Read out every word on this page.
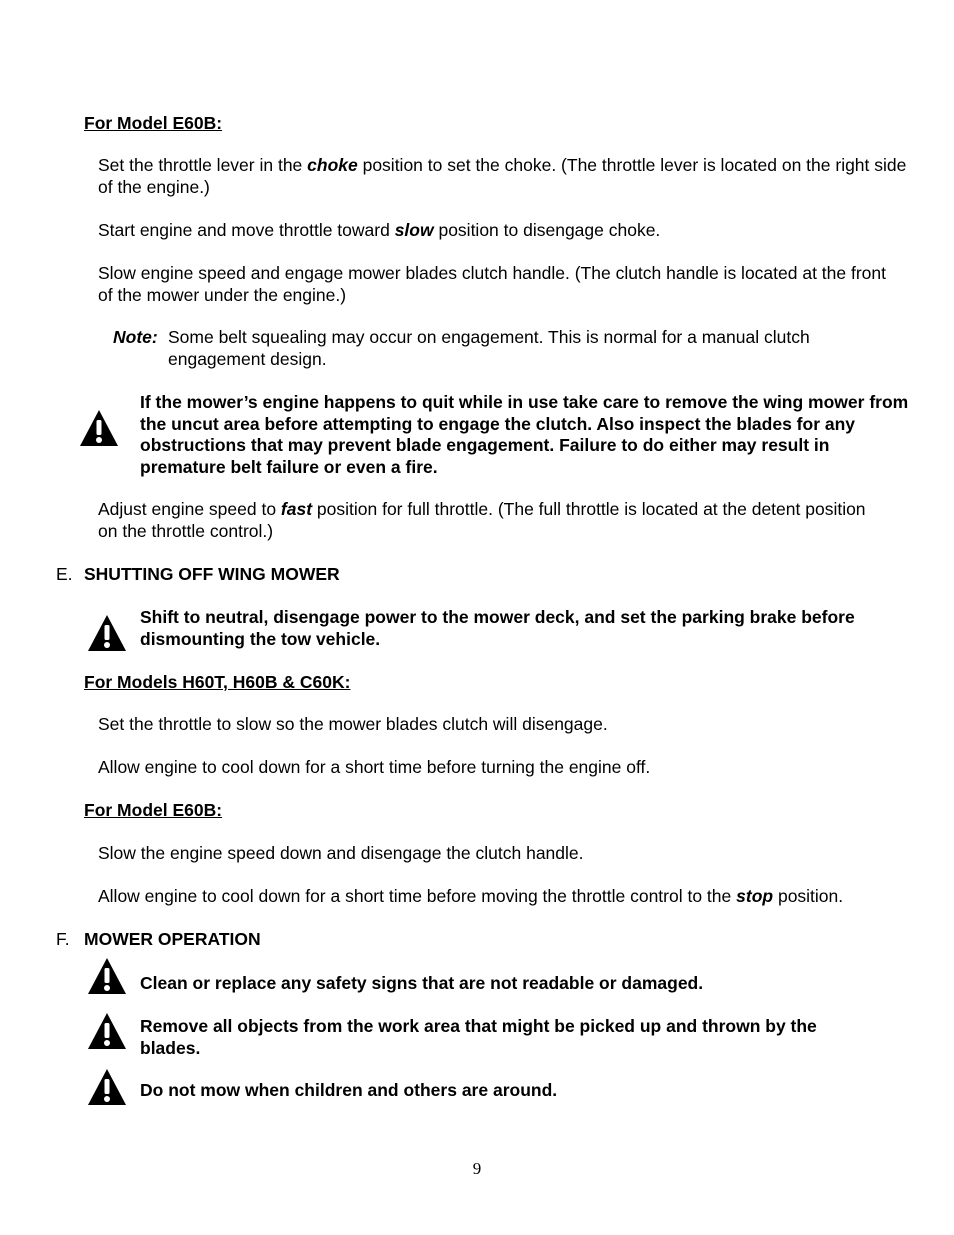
For Model E60B:
Set the throttle lever in the choke position to set the choke. (The throttle lever is located on the right side of the engine.)
Start engine and move throttle toward slow position to disengage choke.
Slow engine speed and engage mower blades clutch handle. (The clutch handle is located at the front of the mower under the engine.)
Note: Some belt squealing may occur on engagement. This is normal for a manual clutch engagement design.
If the mower’s engine happens to quit while in use take care to remove the wing mower from the uncut area before attempting to engage the clutch. Also inspect the blades for any obstructions that may prevent blade engagement. Failure to do either may result in premature belt failure or even a fire.
Adjust engine speed to fast position for full throttle. (The full throttle is located at the detent position on the throttle control.)
E. SHUTTING OFF WING MOWER
Shift to neutral, disengage power to the mower deck, and set the parking brake before dismounting the tow vehicle.
For Models H60T, H60B & C60K:
Set the throttle to slow so the mower blades clutch will disengage.
Allow engine to cool down for a short time before turning the engine off.
For Model E60B:
Slow the engine speed down and disengage the clutch handle.
Allow engine to cool down for a short time before moving the throttle control to the stop position.
F. MOWER OPERATION
Clean or replace any safety signs that are not readable or damaged.
Remove all objects from the work area that might be picked up and thrown by the blades.
Do not mow when children and others are around.
9
